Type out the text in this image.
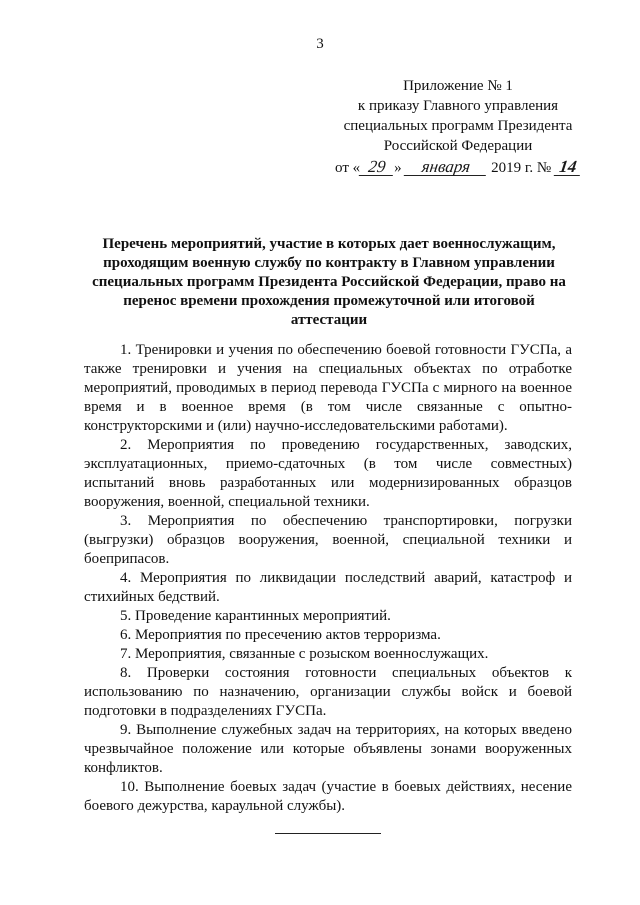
3
Приложение № 1
к приказу Главного управления
специальных программ Президента
Российской Федерации
от « 29 » января 2019 г. № 14
Перечень мероприятий, участие в которых дает военнослужащим, проходящим военную службу по контракту в Главном управлении специальных программ Президента Российской Федерации, право на перенос времени прохождения промежуточной или итоговой аттестации

1. Тренировки и учения по обеспечению боевой готовности ГУСПа, а также тренировки и учения на специальных объектах по отработке мероприятий, проводимых в период перевода ГУСПа с мирного на военное время и в военное время (в том числе связанные с опытно-конструкторскими и (или) научно-исследовательскими работами).

2. Мероприятия по проведению государственных, заводских, эксплуатационных, приемо-сдаточных (в том числе совместных) испытаний вновь разработанных или модернизированных образцов вооружения, военной, специальной техники.

3. Мероприятия по обеспечению транспортировки, погрузки (выгрузки) образцов вооружения, военной, специальной техники и боеприпасов.

4. Мероприятия по ликвидации последствий аварий, катастроф и стихийных бедствий.

5. Проведение карантинных мероприятий.

6. Мероприятия по пресечению актов терроризма.

7. Мероприятия, связанные с розыском военнослужащих.

8. Проверки состояния готовности специальных объектов к использованию по назначению, организации службы войск и боевой подготовки в подразделениях ГУСПа.

9. Выполнение служебных задач на территориях, на которых введено чрезвычайное положение или которые объявлены зонами вооруженных конфликтов.

10. Выполнение боевых задач (участие в боевых действиях, несение боевого дежурства, караульной службы).
